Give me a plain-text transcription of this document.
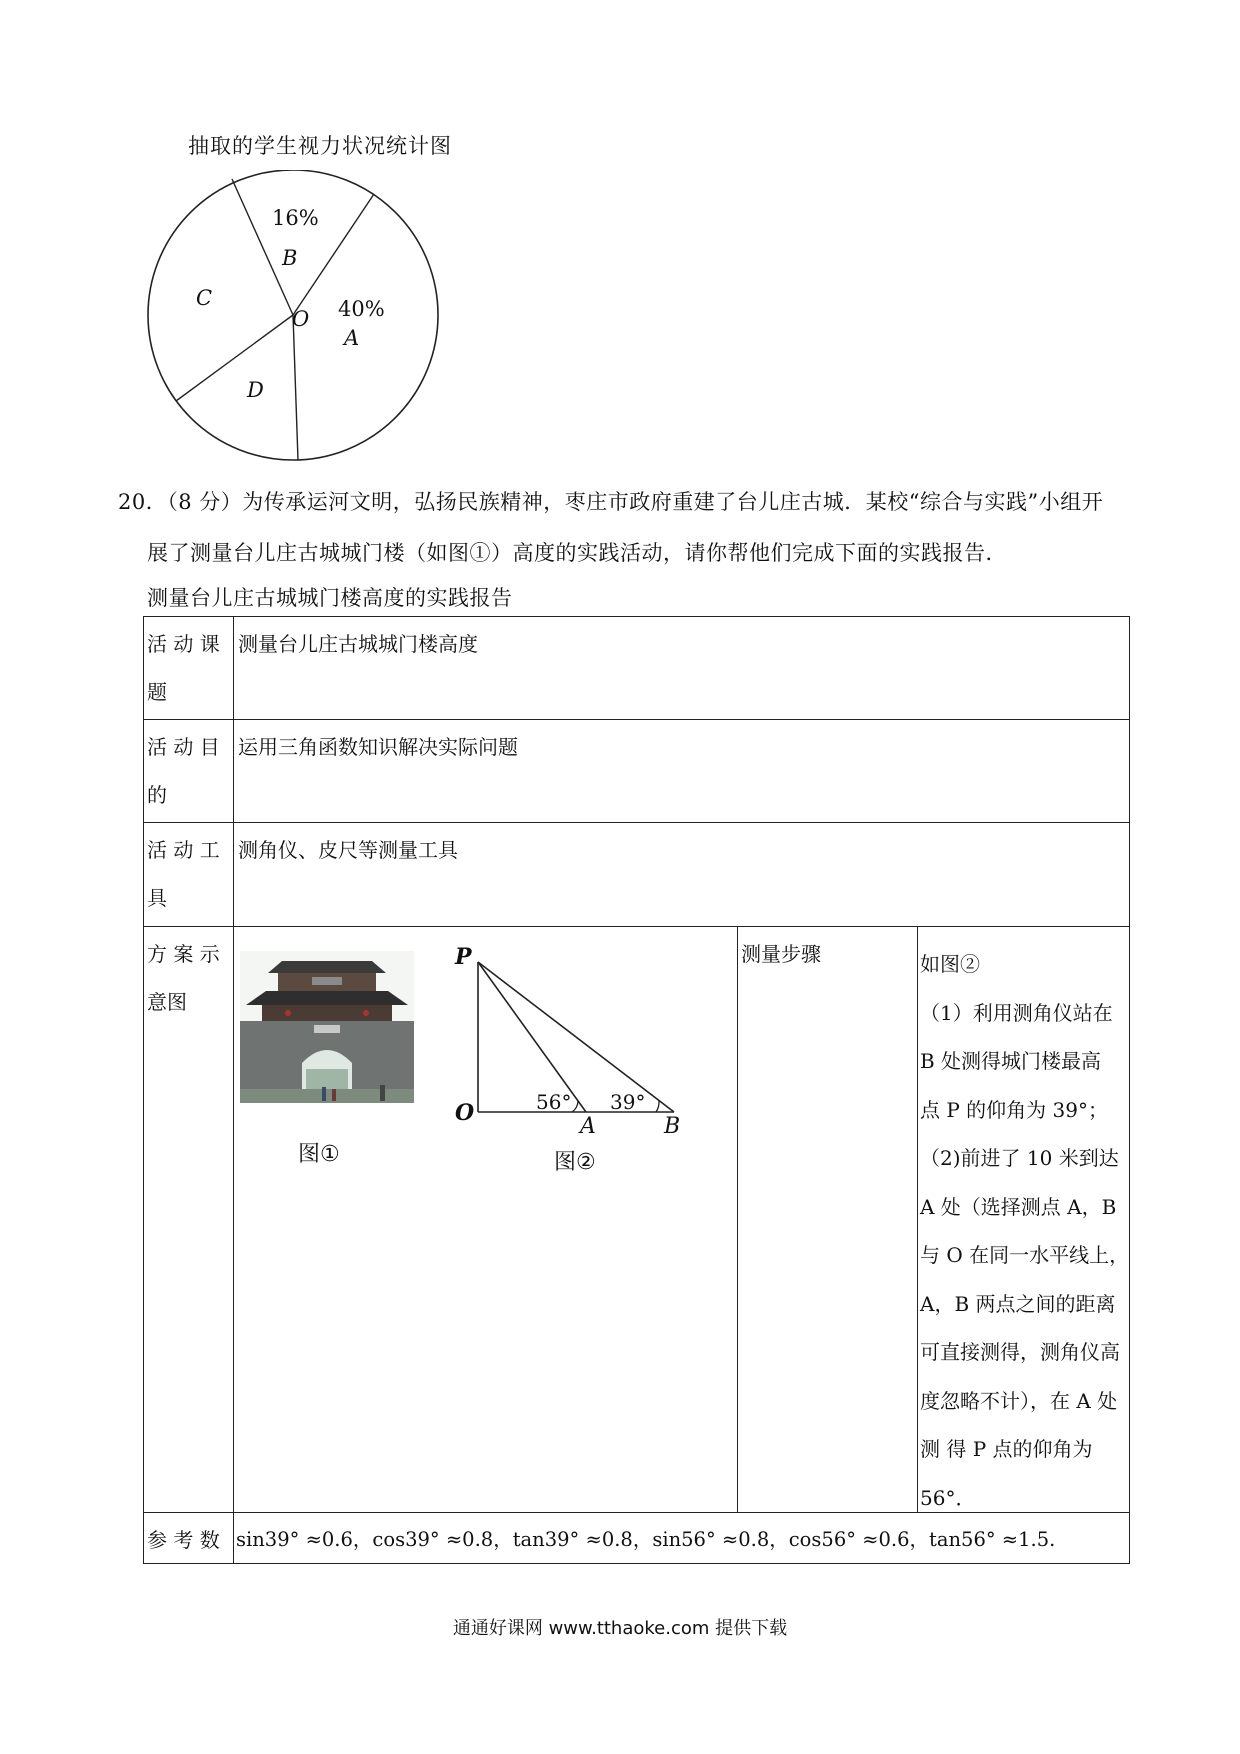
抽取的学生视力状况统计图
16%
B
C
O 40%
A
D
20．（8 分）为传承运河文明，弘扬民族精神，枣庄市政府重建了台儿庄古城．某校“综合与实践”小组开
展了测量台儿庄古城城门楼（如图①）高度的实践活动，请你帮他们完成下面的实践报告．
测量台儿庄古城城门楼高度的实践报告
活 动 课
题
测量台儿庄古城城门楼高度
活 动 目
的
运用三角函数知识解决实际问题
活 动 工
具
测角仪、皮尺等测量工具
方 案 示
意图
测量步骤	如图②
（1）利用测角仪站在
B 处测得城门楼最高
点 P 的仰角为 39°；
（2)前进了 10 米到达
A 处（选择测点 A，B
与 O 在同一水平线上，
A，B 两点之间的距离
可直接测得，测角仪高
度忽略不计），在 A 处
测 得 P 点的仰角为
56°．
参 考 数 sin39° ≈0.6，cos39° ≈0.8，tan39° ≈0.8，sin56° ≈0.8，cos56° ≈0.6，tan56° ≈1.5.
图①
P
O
A	B
56° 39°
图②
通通好课网 www.tthaoke.com 提供下载
